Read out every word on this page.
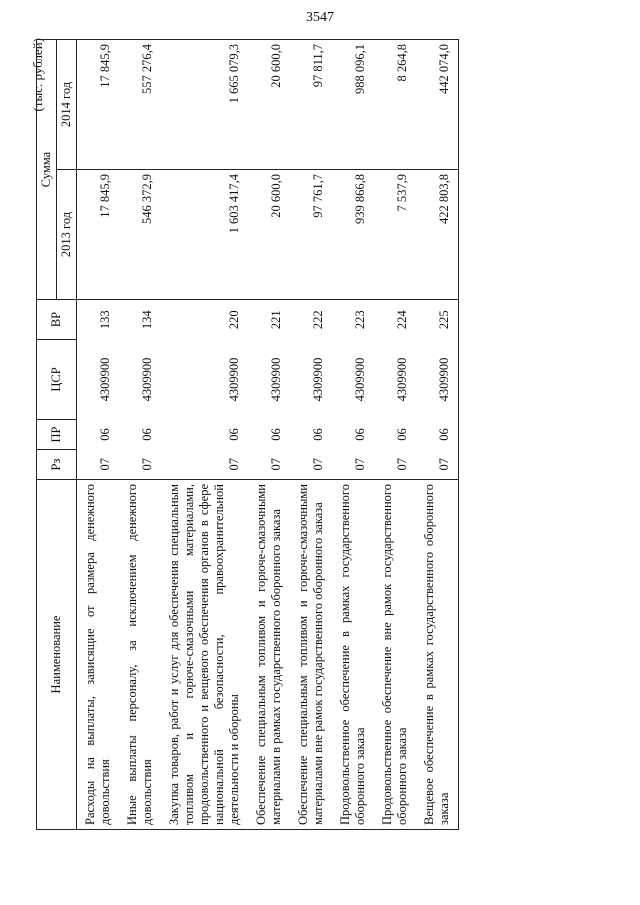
3547
(тыс. рублей)
Наименование	Рз	ПР	ЦСР	ВР	Сумма	
					2013 год	2014 год
Расходы на выплаты, зависящие от размера денежного довольствия	07	06	4309900	133	17 845,9	17 845,9
Иные выплаты персоналу, за исключением денежного довольствия	07	06	4309900	134	546 372,9	557 276,4
Закупка товаров, работ и услуг для обеспечения специальным топливом и горюче-смазочными материалами, продовольственного и вещевого обеспечения органов в сфере национальной безопасности, правоохранительной деятельности и обороны	07	06	4309900	220	1 603 417,4	1 665 079,3
Обеспечение специальным топливом и горюче-смазочными материалами в рамках государственного оборонного заказа	07	06	4309900	221	20 600,0	20 600,0
Обеспечение специальным топливом и горюче-смазочными материалами вне рамок государственного оборонного заказа	07	06	4309900	222	97 761,7	97 811,7
Продовольственное обеспечение в рамках государственного оборонного заказа	07	06	4309900	223	939 866,8	988 096,1
Продовольственное обеспечение вне рамок государственного оборонного заказа	07	06	4309900	224	7 537,9	8 264,8
Вещевое обеспечение в рамках государственного оборонного заказа	07	06	4309900	225	422 803,8	442 074,0
